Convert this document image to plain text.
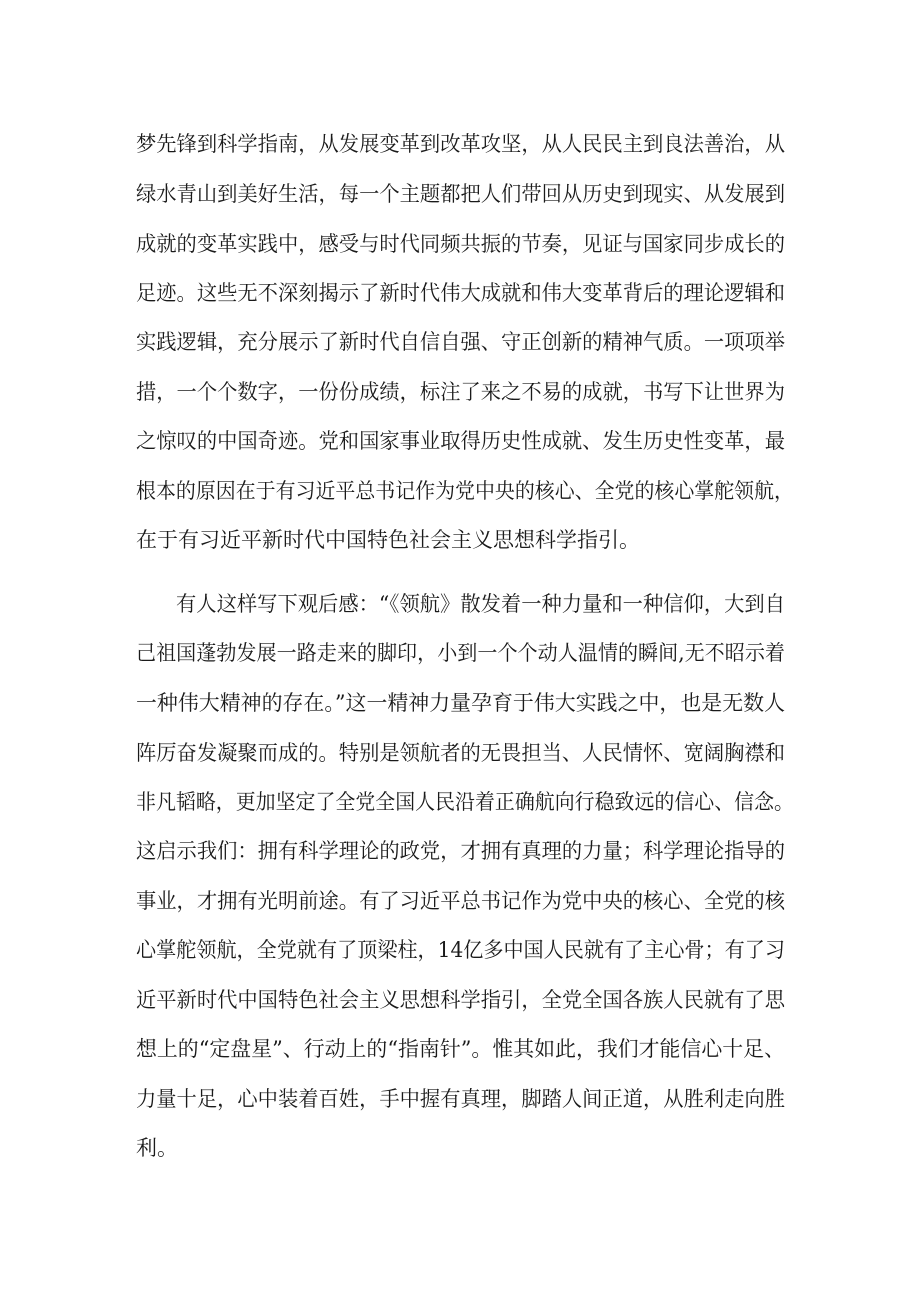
梦先锋到科学指南，从发展变革到改革攻坚，从人民民主到良法善治，从
绿水青山到美好生活，每一个主题都把人们带回从历史到现实、从发展到
成就的变革实践中，感受与时代同频共振的节奏，见证与国家同步成长的
足迹。这些无不深刻揭示了新时代伟大成就和伟大变革背后的理论逻辑和
实践逻辑，充分展示了新时代自信自强、守正创新的精神气质。一项项举
措，一个个数字，一份份成绩，标注了来之不易的成就，书写下让世界为
之惊叹的中国奇迹。党和国家事业取得历史性成就、发生历史性变革，最
根本的原因在于有习近平总书记作为党中央的核心、全党的核心掌舵领航，
在于有习近平新时代中国特色社会主义思想科学指引。
有人这样写下观后感：“《领航》散发着一种力量和一种信仰，大到自
己祖国蓬勃发展一路走来的脚印，小到一个个动人温情的瞬间,无不昭示着
一种伟大精神的存在。”这一精神力量孕育于伟大实践之中，也是无数人
阵厉奋发凝聚而成的。特别是领航者的无畏担当、人民情怀、宽阔胸襟和
非凡韬略，更加坚定了全党全国人民沿着正确航向行稳致远的信心、信念。
这启示我们：拥有科学理论的政党，才拥有真理的力量；科学理论指导的
事业，才拥有光明前途。有了习近平总书记作为党中央的核心、全党的核
心掌舵领航，全党就有了顶梁柱，14亿多中国人民就有了主心骨；有了习
近平新时代中国特色社会主义思想科学指引，全党全国各族人民就有了思
想上的“定盘星”、行动上的“指南针”。惟其如此，我们才能信心十足、
力量十足，心中装着百姓，手中握有真理，脚踏人间正道，从胜利走向胜
利。
